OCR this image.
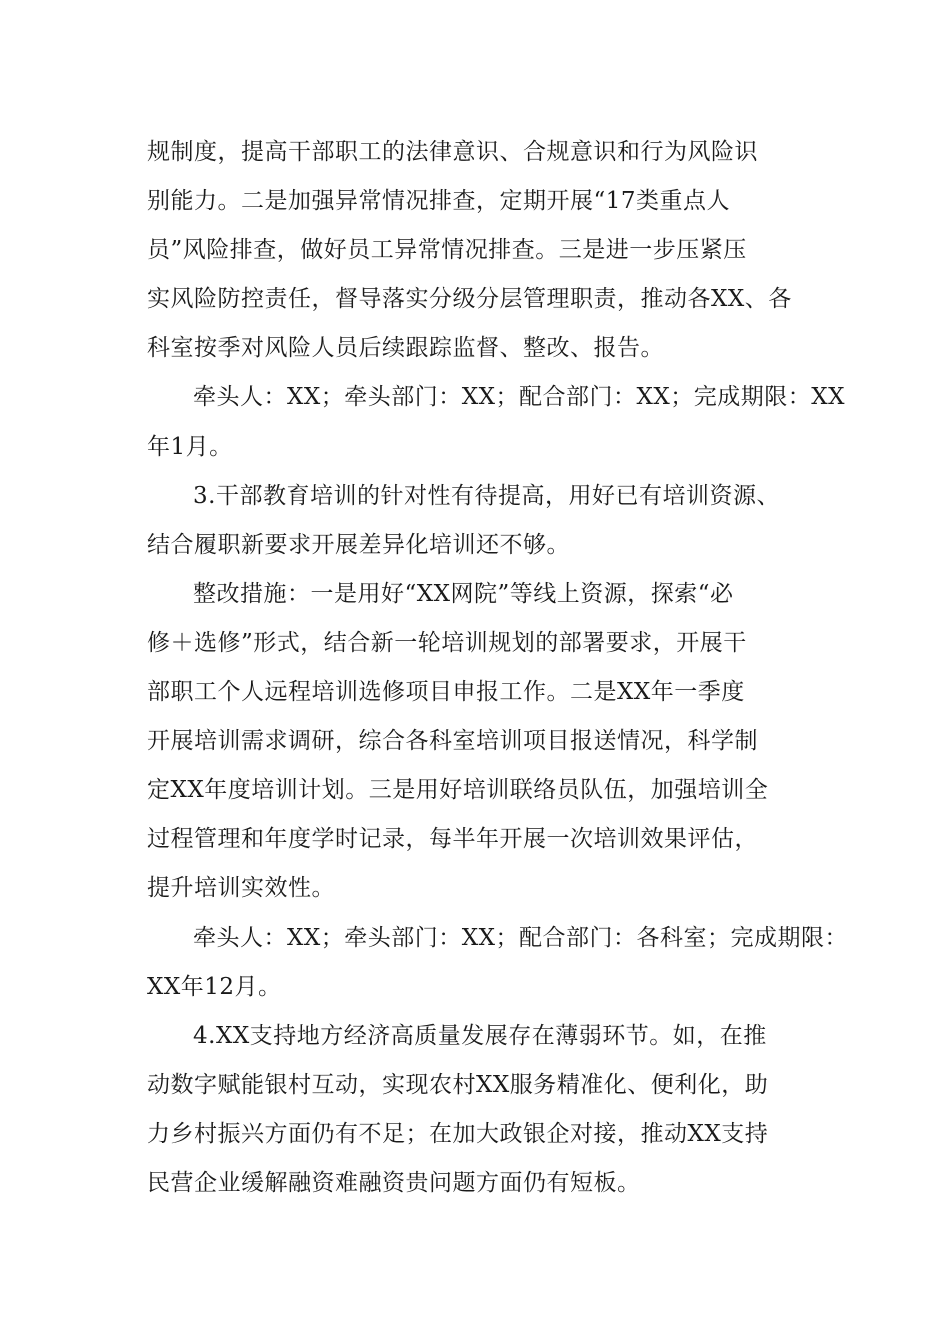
规制度，提高干部职工的法律意识、合规意识和行为风险识
别能力。二是加强异常情况排查，定期开展“17类重点人
员”风险排查，做好员工异常情况排查。三是进一步压紧压
实风险防控责任，督导落实分级分层管理职责，推动各XX、各
科室按季对风险人员后续跟踪监督、整改、报告。
牵头人：XX；牵头部门：XX；配合部门：XX；完成期限：XX
年1月。
3.干部教育培训的针对性有待提高，用好已有培训资源、
结合履职新要求开展差异化培训还不够。
整改措施：一是用好“XX网院”等线上资源，探索“必
修＋选修”形式，结合新一轮培训规划的部署要求，开展干
部职工个人远程培训选修项目申报工作。二是XX年一季度
开展培训需求调研，综合各科室培训项目报送情况，科学制
定XX年度培训计划。三是用好培训联络员队伍，加强培训全
过程管理和年度学时记录，每半年开展一次培训效果评估，
提升培训实效性。
牵头人：XX；牵头部门：XX；配合部门：各科室；完成期限：
XX年12月。
4.XX支持地方经济高质量发展存在薄弱环节。如，在推
动数字赋能银村互动，实现农村XX服务精准化、便利化，助
力乡村振兴方面仍有不足；在加大政银企对接，推动XX支持
民营企业缓解融资难融资贵问题方面仍有短板。
